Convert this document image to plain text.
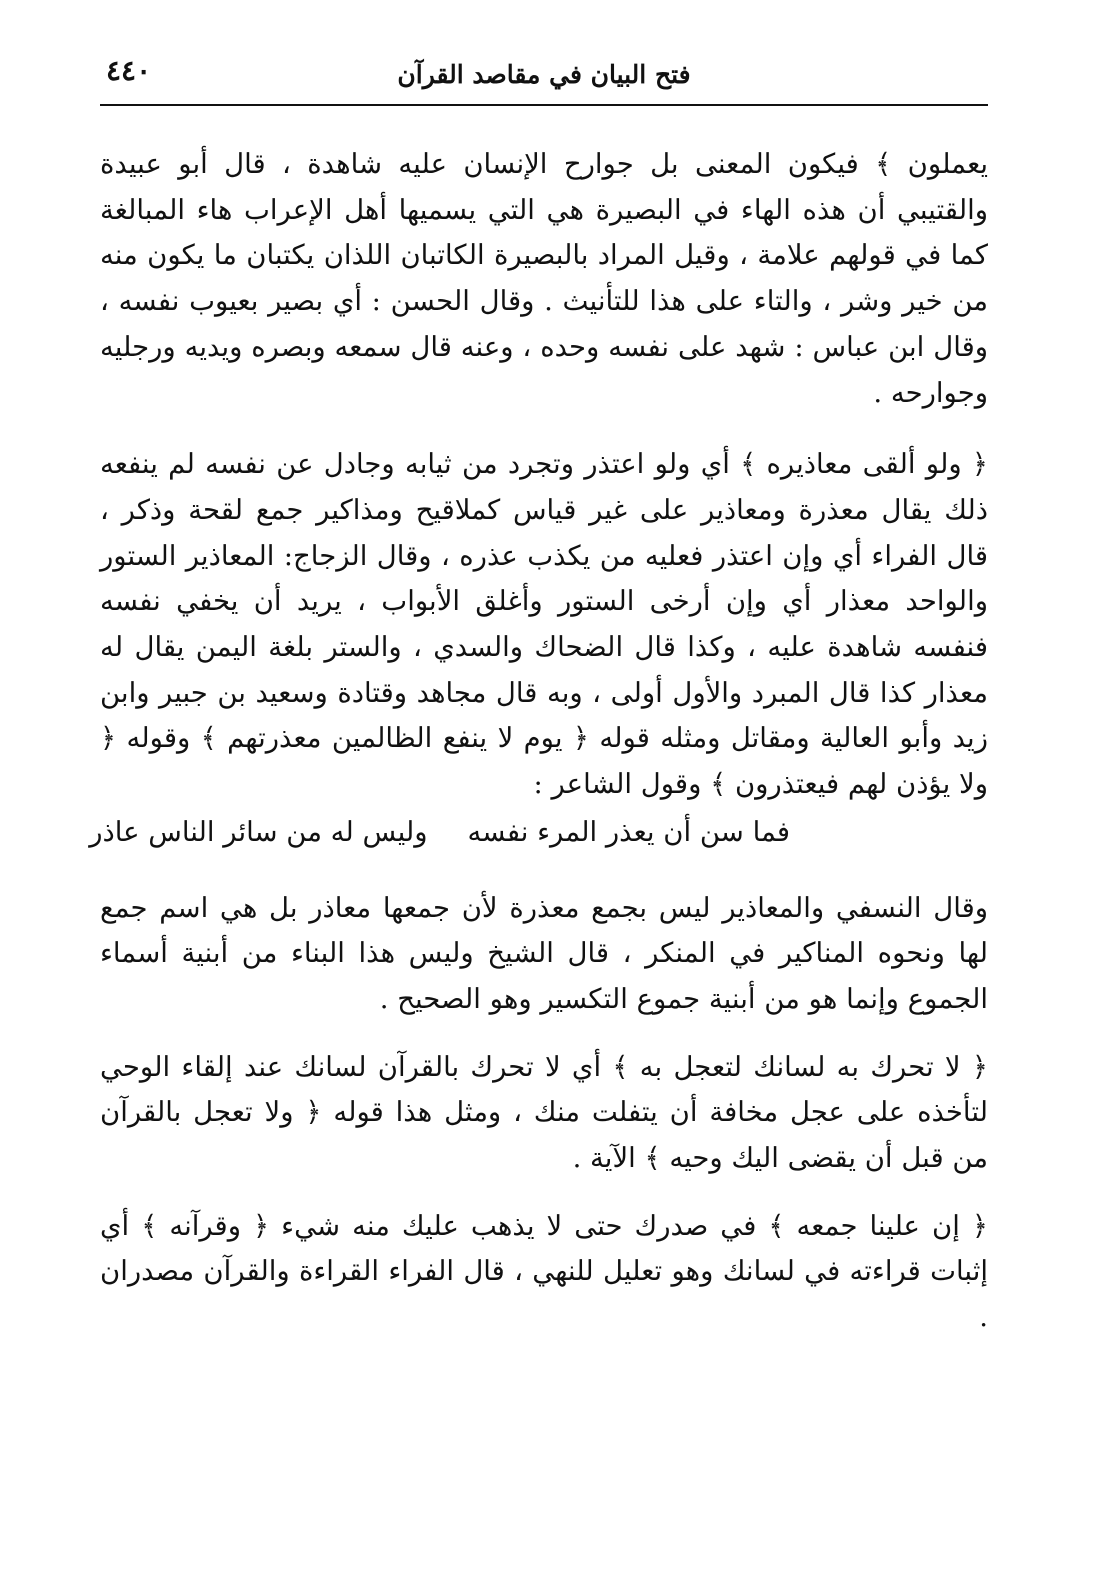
٤٤٠	فتح البيان في مقاصد القرآن

يعملون ﴾ فيكون المعنى بل جوارح الإنسان عليه شاهدة ، قال أبو عبيدة والقتيبي أن هذه الهاء في البصيرة هي التي يسميها أهل الإعراب هاء المبالغة كما في قولهم علامة ، وقيل المراد بالبصيرة الكاتبان اللذان يكتبان ما يكون منه من خير وشر ، والتاء على هذا للتأنيث . وقال الحسن : أي بصير بعيوب نفسه ، وقال ابن عباس : شهد على نفسه وحده ، وعنه قال سمعه وبصره ويديه ورجليه وجوارحه .

﴿ ولو ألقى معاذيره ﴾ أي ولو اعتذر وتجرد من ثيابه وجادل عن نفسه لم ينفعه ذلك يقال معذرة ومعاذير على غير قياس كملاقيح ومذاكير جمع لقحة وذكر ، قال الفراء أي وإن اعتذر فعليه من يكذب عذره ، وقال الزجاج: المعاذير الستور والواحد معذار أي وإن أرخى الستور وأغلق الأبواب ، يريد أن يخفي نفسه فنفسه شاهدة عليه ، وكذا قال الضحاك والسدي ، والستر بلغة اليمن يقال له معذار كذا قال المبرد والأول أولى ، وبه قال مجاهد وقتادة وسعيد بن جبير وابن زيد وأبو العالية ومقاتل ومثله قوله ﴿ يوم لا ينفع الظالمين معذرتهم ﴾ وقوله ﴿ ولا يؤذن لهم فيعتذرون ﴾ وقول الشاعر :

فما سن أن يعذر المرء نفسهوليس له من سائر الناس عاذر

وقال النسفي والمعاذير ليس بجمع معذرة لأن جمعها معاذر بل هي اسم جمع لها ونحوه المناكير في المنكر ، قال الشيخ وليس هذا البناء من أبنية أسماء الجموع وإنما هو من أبنية جموع التكسير وهو الصحيح .

﴿ لا تحرك به لسانك لتعجل به ﴾ أي لا تحرك بالقرآن لسانك عند إلقاء الوحي لتأخذه على عجل مخافة أن يتفلت منك ، ومثل هذا قوله ﴿ ولا تعجل بالقرآن من قبل أن يقضى اليك وحيه ﴾ الآية .

﴿ إن علينا جمعه ﴾ في صدرك حتى لا يذهب عليك منه شيء ﴿ وقرآنه ﴾ أي إثبات قراءته في لسانك وهو تعليل للنهي ، قال الفراء القراءة والقرآن مصدران .
